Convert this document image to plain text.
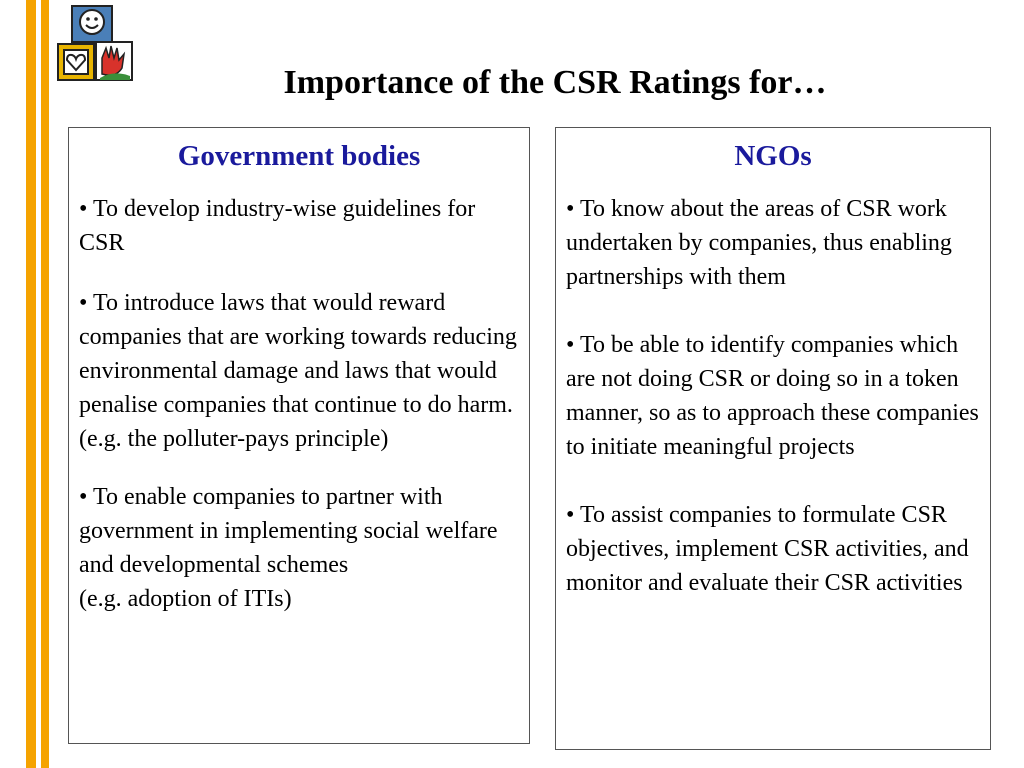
Importance of the CSR Ratings for…
Government bodies

• To develop industry-wise guidelines for CSR

• To introduce laws that would reward companies that are working towards reducing environmental damage and laws that would penalise companies that continue to do harm.
(e.g. the polluter-pays principle)

• To enable companies to partner with government in implementing social welfare and developmental schemes
(e.g. adoption of ITIs)

NGOs

• To know about the areas of CSR work undertaken by companies, thus enabling partnerships with them

• To be able to identify companies which are not doing CSR or doing so in a token manner, so as to approach these companies to initiate meaningful projects

• To assist companies to formulate CSR objectives, implement CSR activities, and monitor and evaluate their CSR activities
